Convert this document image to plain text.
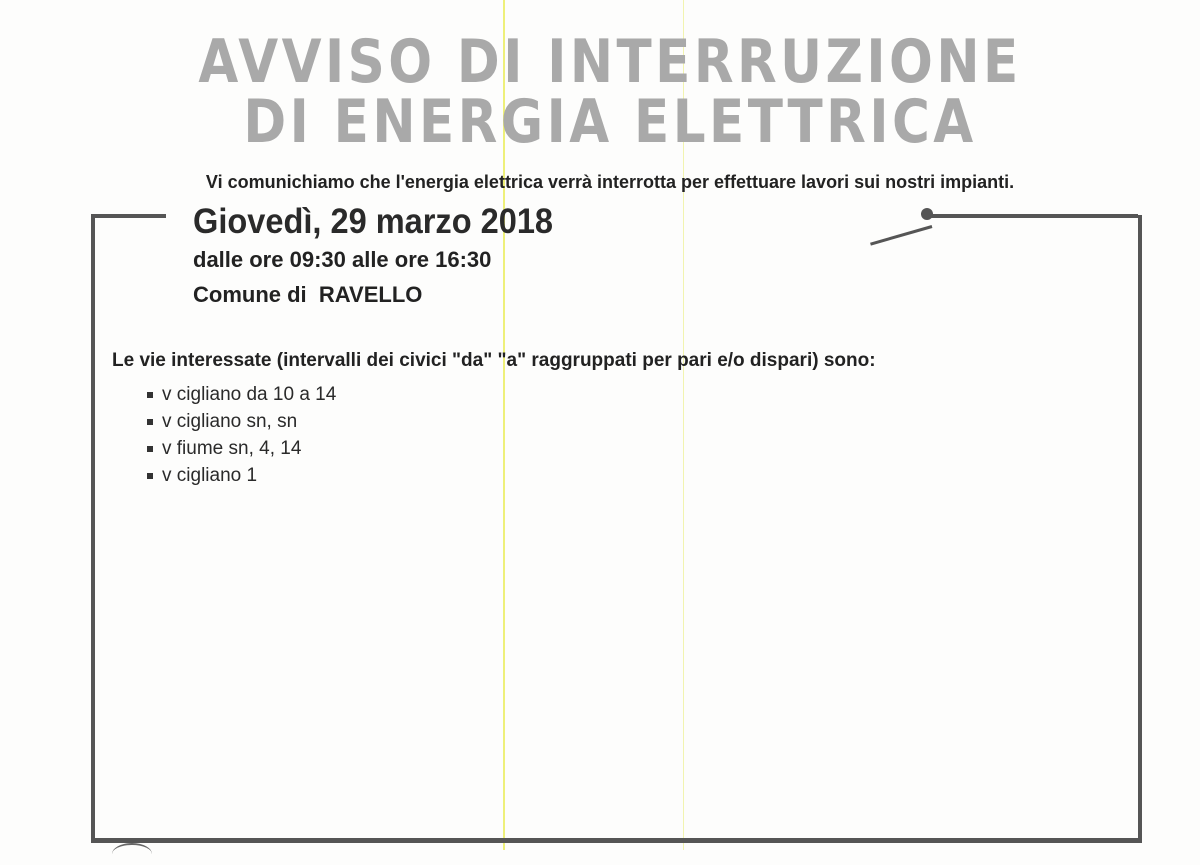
AVVISO DI INTERRUZIONE
DI ENERGIA ELETTRICA
Vi comunichiamo che l'energia elettrica verrà interrotta per effettuare lavori sui nostri impianti.
Giovedì, 29 marzo 2018
dalle ore 09:30 alle ore 16:30
Comune di  RAVELLO
Le vie interessate (intervalli dei civici "da" "a" raggruppati per pari e/o dispari) sono:
v cigliano da 10 a 14
v cigliano sn, sn
v fiume sn, 4, 14
v cigliano 1
